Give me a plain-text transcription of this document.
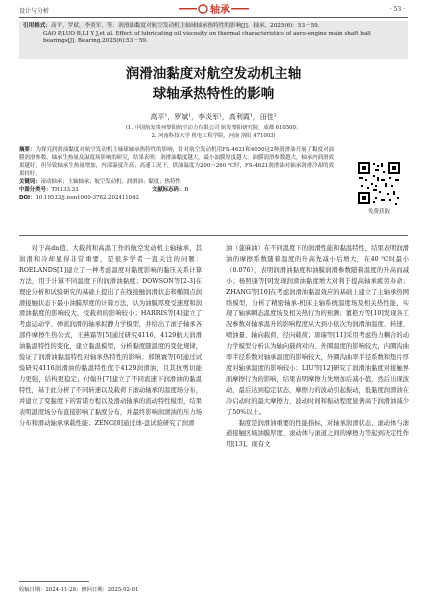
设计与分析	轴承	· 53 ·
引用格式：高平，罗斌，李炎军，等．润滑油黏度对航空发动机主轴球轴承热特性的影响[J]．轴承，2025(6)：53－59．
GAO P,LUO B,LI Y J,et al. Effect of lubricating oil viscosity on thermal characteristics of aero-engine main shaft ball bearings[J]. Bearing,2025(6):53－59.
润滑油黏度对航空发动机主轴
球轴承热特性的影响
高平¹，罗斌¹，李炎军¹，高利霞¹，田佳²
(1. 中国航发贵州黎阳航空动力有限公司 航发黎阳研究院，成都 610500；
2. 河南科技大学 机电工程学院，河南 洛阳 471003)
摘要：为探究润滑油黏度对航空发动机主轴球轴承热特性的影响，针对航空发动机用FS-4621和4050这2种润滑油开展了黏度对油膜润滑参数、轴承生热量及温度场影响的研究，结果表明：润滑油黏度越大，最小油膜厚度越大，油膜润滑参数越大，轴承内润滑效果越好，但导致轴承生热量增加，内部温度升高；高速工况下，供油温度为200～260 ℃时，FS-4621润滑油对轴承润滑冷却的效果较好。
关键词：滚动轴承；主轴轴承；航空发动机；润滑油；黏度；热特性
中图分类号：TH133.33	文献标志码：B
DOI：10.19533/j.issn1000-3762.202411042
免费获取

对于高dn值、大载荷和高温工作的航空发动机主轴轴承，其润滑和冷却显得非常重要，是很多学者一直关注的问题：ROELANDS[1]建立了一种考虑温度对黏度影响的黏压关系计算方法，用于计算不同温度下的润滑油黏度；DOWSON等[2-3]在理论分析和试验研究的基础上提出了在线接触润滑状态和椭圆点润滑接触状态下最小油膜厚度的计算方法，认为油膜厚度受速度和润滑油黏度的影响较大，受载荷的影响较小；HARRIS等[4]建立了考虑运动学、弹流润滑的轴承拟静力学模型，并给出了滚子轴承各部件摩擦生热公式，王燕霜等[5]通过研究4116，4129航天润滑油黏温特性的变化，建立黏温模型，分析黏度随温度的变化规律，验证了润滑油黏温特性对轴承热特性的影响；邢镇寰等[6]通过试验研究4116润滑油的黏温特性优于4129润滑油，且其抗剪切能力更强，结构更稳定；付翰升[7]建立了不同流速下润滑油的黏温特性，基于此分析了不同转速以及载荷下滚动轴承的温度场分布，并建立了变黏度下的雷诺方程以及滑动轴承的流动特性模型，结果表明温度场分布直接影响了黏度分布，并最终影响润滑油的压力场分布和滑动轴承承载性能；ZENG[8]通过球-盘试验研究了润滑

油（蓖麻油）在不同温度下的润滑性能和黏温特性，结果表明润滑油的摩擦系数随着温度的升高先减小后增大，在40 ℃时最小（0.076），表明润滑油黏度和油膜润滑参数随着温度的升高而减小；杨照康等[9]发现润滑油黏度增大对利于提高轴承疲劳寿命；ZHANG等[10]在考虑润滑油黏温效应的基础上建立了主轴承热网络模型，分析了精密轴承-机床主轴系统温度场及相关热性能，实现了轴承瞬态温度场及相关热行为的预测；董艳方等[10]发现各工况参数对轴承温升的影响程度从大到小依次为润滑油温度、转速、喷油量、轴向载荷、径向载荷；唐瑞等[11]采用考虑热力耦合的动力学模型分析认为轴向载荷对内、外圈温度的影响较大，内圈沟曲率半径系数对轴承温度的影响较大，外圈沟曲率半径系数和垫片厚度对轴承温度的影响较小；LIU等[12]研究了润滑油黏度对接触界面摩擦行为的影响，结果表明摩擦力先增加后减小值，然后出现波动，最后达到稳定状态，摩擦力的波动引起振动，低黏度润滑油在冷启动时的最大摩擦力、波动时间和振动程度显著高于润滑油减少了50%以上。

黏度是润滑油重要的性能指标，对轴承润滑状态、滚动体与滚道接触区域油膜厚度、滚动体与滚道之间的摩擦力等起到决定性作用[13]。现有文

收稿日期：2024-11-28；修回日期：2025-02-01
